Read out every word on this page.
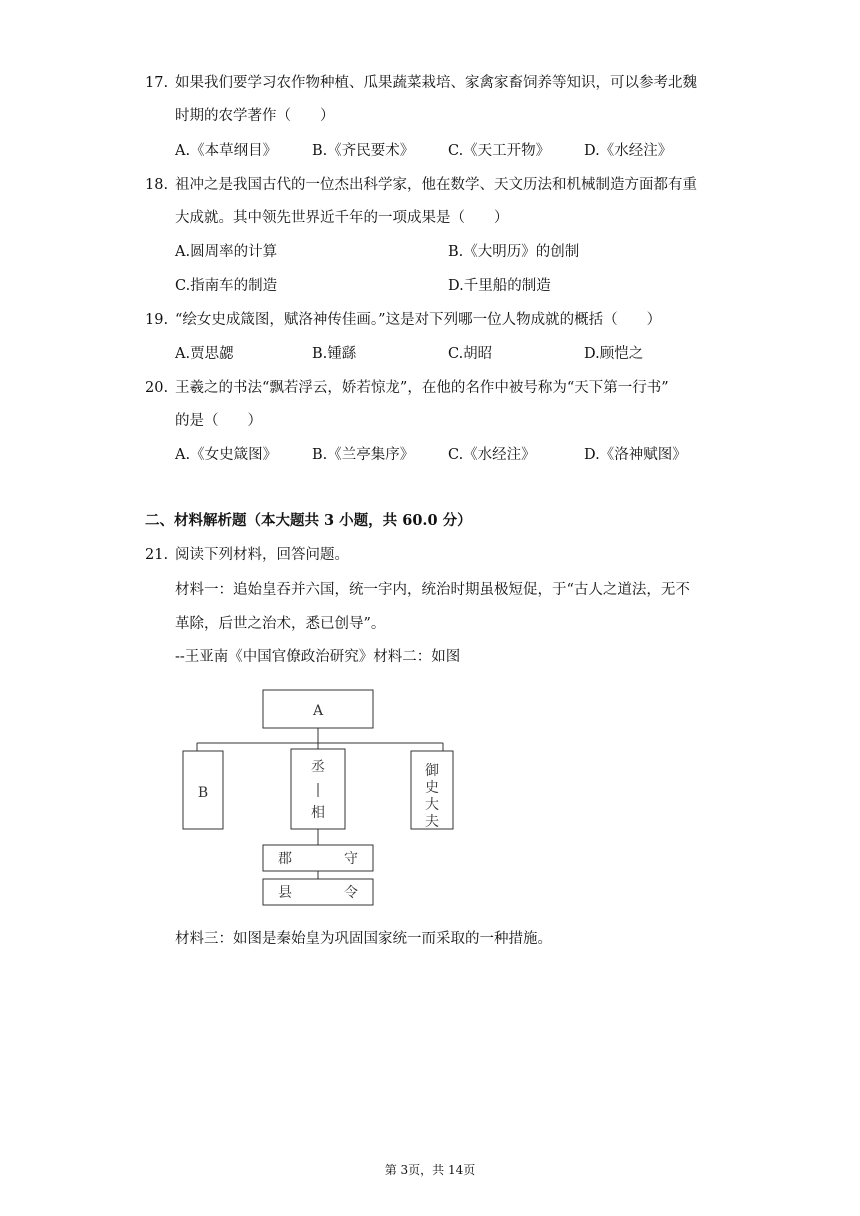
17. 如果我们要学习农作物种植、瓜果蔬菜栽培、家禽家畜饲养等知识，可以参考北魏
时期的农学著作（　　）
A.《本草纲目》 B.《齐民要术》 C.《天工开物》 D.《水经注》
18. 祖冲之是我国古代的一位杰出科学家，他在数学、天文历法和机械制造方面都有重
大成就。其中领先世界近千年的一项成果是（　　）
A.圆周率的计算	B.《大明历》的创制
C.指南车的制造	D.千里船的制造
19. “绘女史成箴图，赋洛神传佳画。”这是对下列哪一位人物成就的概括（　　）
A.贾思勰	B.锺繇	C.胡昭	D.顾恺之
20. 王羲之的书法“飘若浮云，娇若惊龙”，在他的名作中被号称为“天下第一行书”
的是（　　）
A.《女史箴图》 B.《兰亭集序》 C.《水经注》	D.《洛神赋图》
二、材料解析题（本大题共 3 小题，共 60.0 分）
21. 阅读下列材料，回答问题。
材料一：追始皇吞并六国，统一宇内，统治时期虽极短促，于“古人之道法，无不
革除，后世之治术，悉已创导”。
--王亚南《中国官僚政治研究》材料二：如图
A
B
丞
相
御
史
大
夫
郡	守
县	令
材料三：如图是秦始皇为巩固国家统一而采取的一种措施。
第 3页，共 14页
